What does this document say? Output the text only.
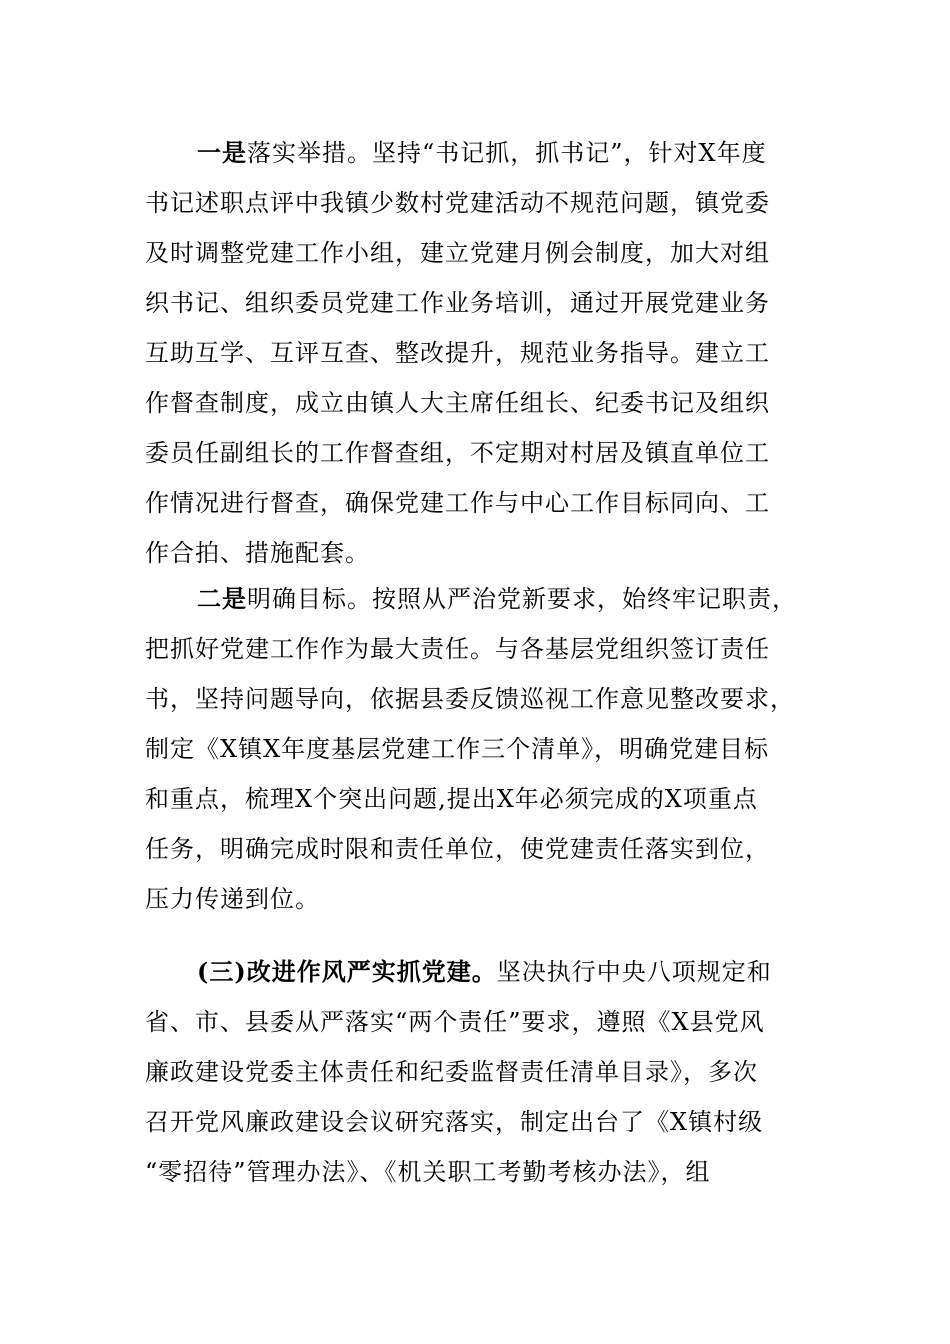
一是落实举措。坚持“书记抓，抓书记”，针对X年度
书记述职点评中我镇少数村党建活动不规范问题，镇党委
及时调整党建工作小组，建立党建月例会制度，加大对组
织书记、组织委员党建工作业务培训，通过开展党建业务
互助互学、互评互查、整改提升，规范业务指导。建立工
作督查制度，成立由镇人大主席任组长、纪委书记及组织
委员任副组长的工作督查组，不定期对村居及镇直单位工
作情况进行督查，确保党建工作与中心工作目标同向、工
作合拍、措施配套。
二是明确目标。按照从严治党新要求，始终牢记职责，
把抓好党建工作作为最大责任。与各基层党组织签订责任
书，坚持问题导向，依据县委反馈巡视工作意见整改要求，
制定《X镇X年度基层党建工作三个清单》，明确党建目标
和重点，梳理X个突出问题,提出X年必须完成的X项重点
任务，明确完成时限和责任单位，使党建责任落实到位，
压力传递到位。
(三)改进作风严实抓党建。坚决执行中央八项规定和
省、市、县委从严落实“两个责任”要求，遵照《X县党风
廉政建设党委主体责任和纪委监督责任清单目录》，多次
召开党风廉政建设会议研究落实，制定出台了《X镇村级
“零招待”管理办法》、《机关职工考勤考核办法》，组
